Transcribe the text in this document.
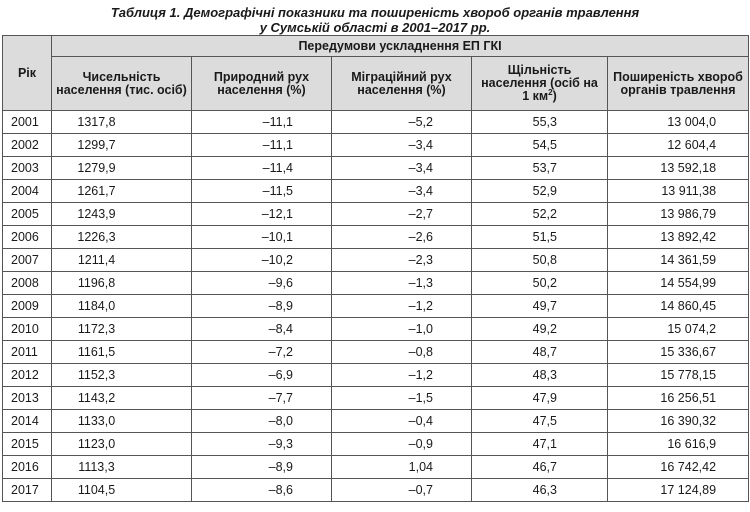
Таблиця 1. Демографічні показники та поширеність хвороб органів травлення
у Сумській області в 2001–2017 рр.
Рік	Передумови ускладнення ЕП ГКІ				
	Чисельність населення (тис. осіб)	Природний рух населення (%)	Міграційний рух населення (%)	Щільність населення (осіб на 1 $км^2$)	Поширеність хвороб органів травлення
2001	1317,8	–11,1	–5,2	55,3	13 004,0
2002	1299,7	–11,1	–3,4	54,5	12 604,4
2003	1279,9	–11,4	–3,4	53,7	13 592,18
2004	1261,7	–11,5	–3,4	52,9	13 911,38
2005	1243,9	–12,1	–2,7	52,2	13 986,79
2006	1226,3	–10,1	–2,6	51,5	13 892,42
2007	1211,4	–10,2	–2,3	50,8	14 361,59
2008	1196,8	–9,6	–1,3	50,2	14 554,99
2009	1184,0	–8,9	–1,2	49,7	14 860,45
2010	1172,3	–8,4	–1,0	49,2	15 074,2
2011	1161,5	–7,2	–0,8	48,7	15 336,67
2012	1152,3	–6,9	–1,2	48,3	15 778,15
2013	1143,2	–7,7	–1,5	47,9	16 256,51
2014	1133,0	–8,0	–0,4	47,5	16 390,32
2015	1123,0	–9,3	–0,9	47,1	16 616,9
2016	1113,3	–8,9	1,04	46,7	16 742,42
2017	1104,5	–8,6	–0,7	46,3	17 124,89
